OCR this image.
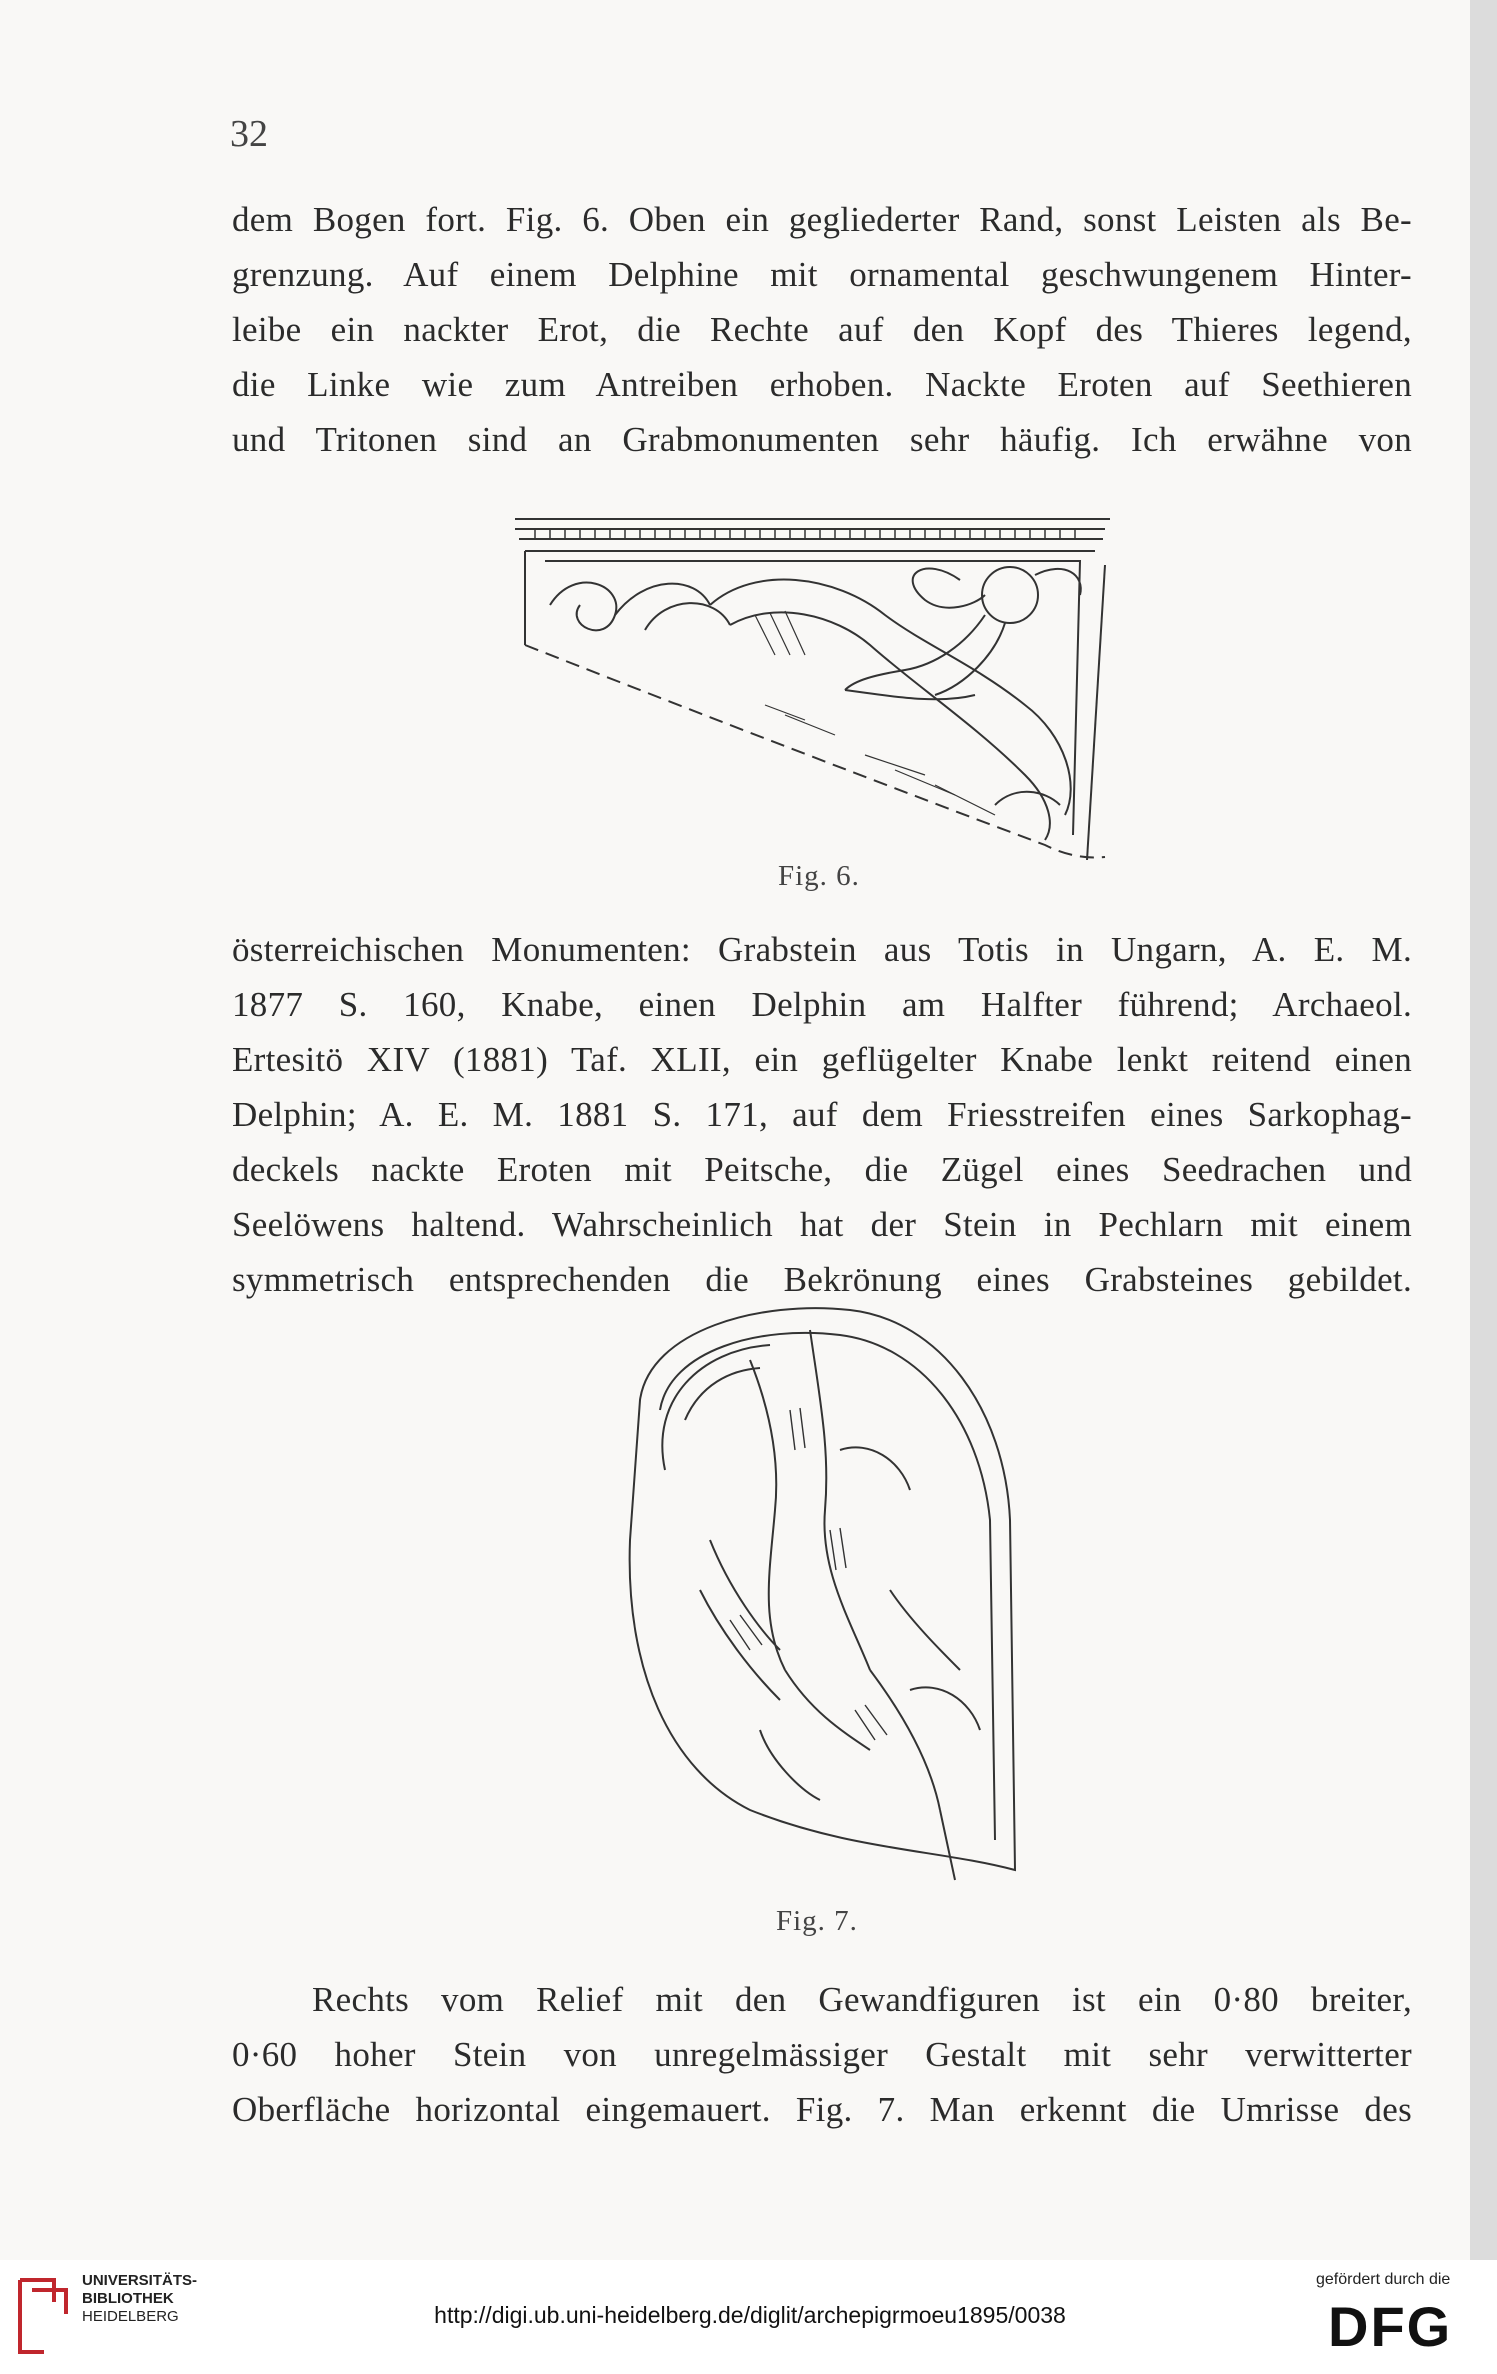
32
dem Bogen fort. Fig. 6. Oben ein gegliederter Rand, sonst Leisten als Be-
grenzung. Auf einem Delphine mit ornamental geschwungenem Hinter-
leibe ein nackter Erot, die Rechte auf den Kopf des Thieres legend,
die Linke wie zum Antreiben erhoben. Nackte Eroten auf Seethieren
und Tritonen sind an Grabmonumenten sehr häufig. Ich erwähne von
Fig. 6.
österreichischen Monumenten: Grabstein aus Totis in Ungarn, A. E. M.
1877 S. 160, Knabe, einen Delphin am Halfter führend; Archaeol.
Ertesitö XIV (1881) Taf. XLII, ein geflügelter Knabe lenkt reitend einen
Delphin; A. E. M. 1881 S. 171, auf dem Friesstreifen eines Sarkophag-
deckels nackte Eroten mit Peitsche, die Zügel eines Seedrachen und
Seelöwens haltend. Wahrscheinlich hat der Stein in Pechlarn mit einem
symmetrisch entsprechenden die Bekrönung eines Grabsteines gebildet.
Fig. 7.
Rechts vom Relief mit den Gewandfiguren ist ein 0·80 breiter,
0·60 hoher Stein von unregelmässiger Gestalt mit sehr verwitterter
Oberfläche horizontal eingemauert. Fig. 7. Man erkennt die Umrisse des
UNIVERSITÄTS-
BIBLIOTHEK
HEIDELBERG	http://digi.ub.uni-heidelberg.de/diglit/archepigrmoeu1895/0038
gefördert durch die
DFG
